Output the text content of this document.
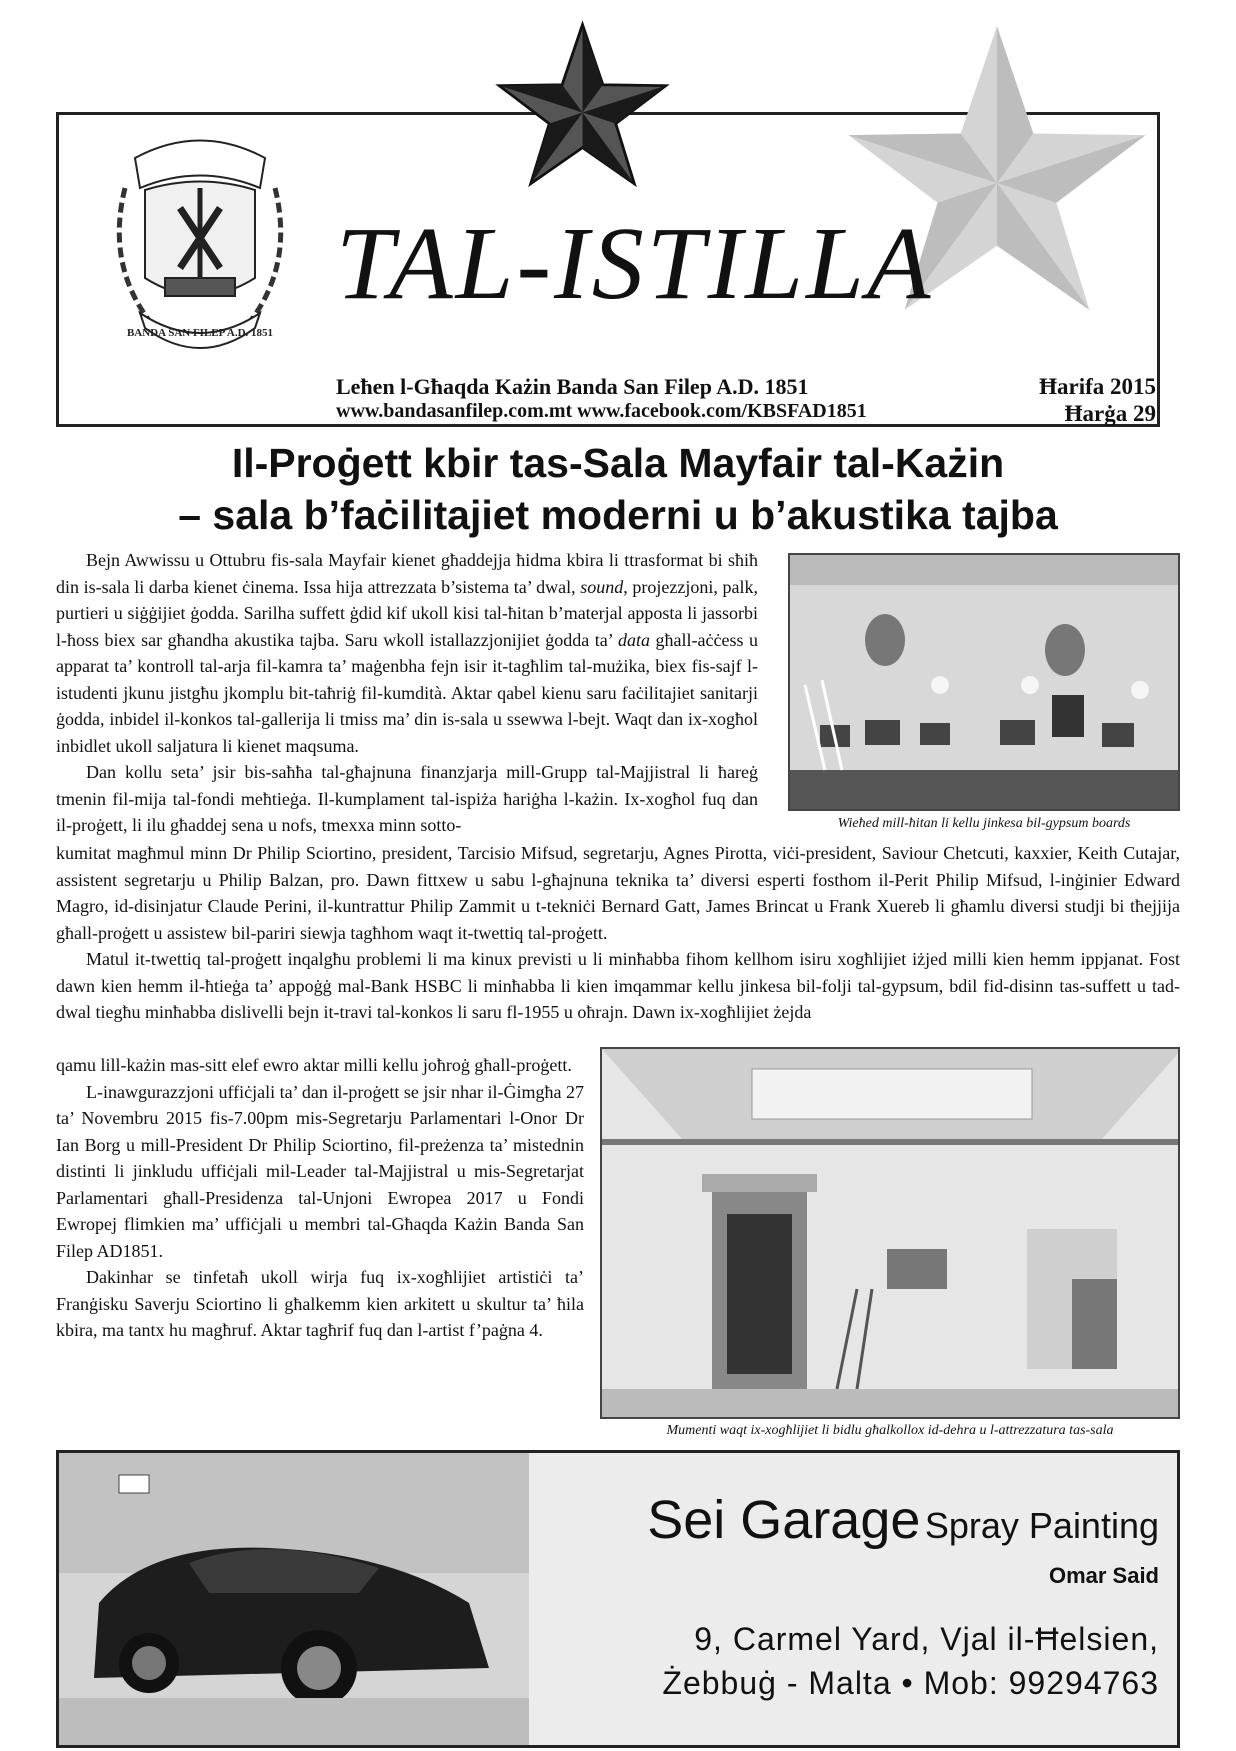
BANDA SAN FILEP A.D. 1851
TAL-ISTILLA
Leħen l-Għaqda Każin Banda San Filep A.D. 1851
www.bandasanfilep.com.mt www.facebook.com/KBSFAD1851
Ħarifa 2015
Ħarġa 29
Il-Proġett kbir tas-Sala Mayfair tal-Każin
– sala b’faċilitajiet moderni u b’akustika tajba

Bejn Awwissu u Ottubru fis-sala Mayfair kienet għaddejja ħidma kbira li ttrasformat bi sħiħ din is-sala li darba kienet ċinema. Issa hija attrezzata b’sistema ta’ dwal, sound, projezzjoni, palk, purtieri u siġġijiet ġodda. Sarilha suffett ġdid kif ukoll kisi tal-ħitan b’materjal apposta li jassorbi l-ħoss biex sar għandha akustika tajba. Saru wkoll istallazzjonijiet ġodda ta’ data għall-aċċess u apparat ta’ kontroll tal-arja fil-kamra ta’ maġenbha fejn isir it-tagħlim tal-mużika, biex fis-sajf l-istudenti jkunu jistgħu jkomplu bit-taħriġ fil-kumdità. Aktar qabel kienu saru faċilitajiet sanitarji ġodda, inbidel il-konkos tal-gallerija li tmiss ma’ din is-sala u ssewwa l-bejt. Waqt dan ix-xogħol inbidlet ukoll saljatura li kienet maqsuma.

Dan kollu seta’ jsir bis-saħħa tal-għajnuna finanzjarja mill-Grupp tal-Majjistral li ħareġ tmenin fil-mija tal-fondi meħtieġa. Il-kumplament tal-ispiża ħariġha l-każin. Ix-xogħol fuq dan il-proġett, li ilu għaddej sena u nofs, tmexxa minn sotto-	Wieħed mill-ħitan li kellu jinkesa bil-gypsum boards

kumitat magħmul minn Dr Philip Sciortino, president, Tarcisio Mifsud, segretarju, Agnes Pirotta, viċi-president, Saviour Chetcuti, kaxxier, Keith Cutajar, assistent segretarju u Philip Balzan, pro. Dawn fittxew u sabu l-għajnuna teknika ta’ diversi esperti fosthom il-Perit Philip Mifsud, l-inġinier Edward Magro, id-disinjatur Claude Perini, il-kuntrattur Philip Zammit u t-tekniċi Bernard Gatt, James Brincat u Frank Xuereb li għamlu diversi studji bi tħejjija għall-proġett u assistew bil-pariri siewja tagħhom waqt it-twettiq tal-proġett.

Matul it-twettiq tal-proġett inqalgħu problemi li ma kinux previsti u li minħabba fihom kellhom isiru xogħlijiet iżjed milli kien hemm ippjanat. Fost dawn kien hemm il-ħtieġa ta’ appoġġ mal-Bank HSBC li minħabba li kien imqammar kellu jinkesa bil-folji tal-gypsum, bdil fid-disinn tas-suffett u tad-dwal tiegħu minħabba dislivelli bejn it-travi tal-konkos li saru fl-1955 u oħrajn. Dawn ix-xogħlijiet żejda

qamu lill-każin mas-sitt elef ewro aktar milli kellu joħroġ għall-proġett.

L-inawgurazzjoni uffiċjali ta’ dan il-proġett se jsir nhar il-Ġimgħa 27 ta’ Novembru 2015 fis-7.00pm mis-Segretarju Parlamentari l-Onor Dr Ian Borg u mill-President Dr Philip Sciortino, fil-preżenza ta’ mistednin distinti li jinkludu uffiċjali mil-Leader tal-Majjistral u mis-Segretarjat Parlamentari għall-Presidenza tal-Unjoni Ewropea 2017 u Fondi Ewropej flimkien ma’ uffiċjali u membri tal-Għaqda Każin Banda San Filep AD1851.

Dakinhar se tinfetaħ ukoll wirja fuq ix-xogħlijiet artistiċi ta’ Franġisku Saverju Sciortino li għalkemm kien arkitett u skultur ta’ ħila kbira, ma tantx hu magħruf. Aktar tagħrif fuq dan l-artist f’paġna 4.

Mumenti waqt ix-xogħlijiet li bidlu għalkollox id-dehra u l-attrezzatura tas-sala
Sei Garage Spray Painting
Omar Said
9, Carmel Yard, Vjal il-Ħelsien,
Żebbuġ - Malta • Mob: 99294763
